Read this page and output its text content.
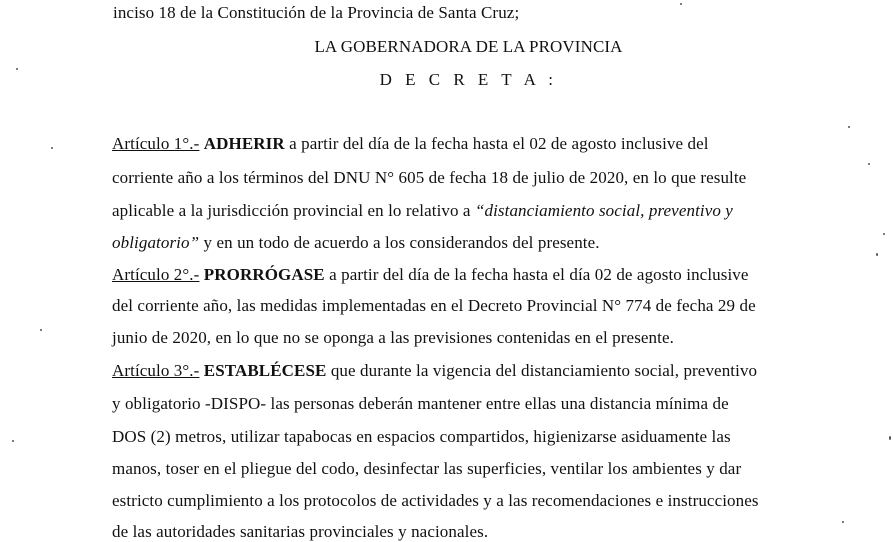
inciso 18 de la Constitución de la Provincia de Santa Cruz;
LA GOBERNADORA DE LA PROVINCIA
D E C R E T A :
Artículo 1°.- ADHERIR a partir del día de la fecha hasta el 02 de agosto inclusive del
corriente año a los términos del DNU N° 605 de fecha 18 de julio de 2020, en lo que resulte
aplicable a la jurisdicción provincial en lo relativo a “distanciamiento social, preventivo y
obligatorio” y en un todo de acuerdo a los considerandos del presente.
Artículo 2°.- PRORRÓGASE a partir del día de la fecha hasta el día 02 de agosto inclusive
del corriente año, las medidas implementadas en el Decreto Provincial N° 774 de fecha 29 de
junio de 2020, en lo que no se oponga a las previsiones contenidas en el presente.
Artículo 3°.- ESTABLÉCESE que durante la vigencia del distanciamiento social, preventivo
y obligatorio -DISPO- las personas deberán mantener entre ellas una distancia mínima de
DOS (2) metros, utilizar tapabocas en espacios compartidos, higienizarse asiduamente las
manos, toser en el pliegue del codo, desinfectar las superficies, ventilar los ambientes y dar
estricto cumplimiento a los protocolos de actividades y a las recomendaciones e instrucciones
de las autoridades sanitarias provinciales y nacionales.
